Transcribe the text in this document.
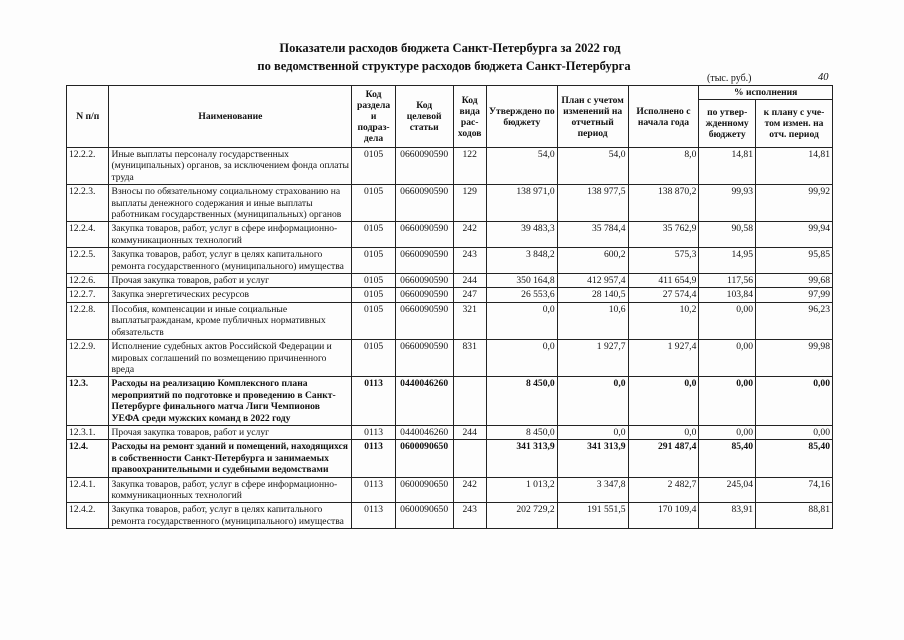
Показатели расходов бюджета Санкт-Петербурга за 2022 год
по ведомственной структуре расходов бюджета Санкт-Петербурга
(тыс. руб.)	40
N п/п	Наименование	Код раздела и подраз-дела	Код целевой статьи	Код вида рас-ходов	Утверждено по бюджету	План с учетом изменений на отчетный период	Исполнено с начала года	% исполнения	
								по утвер-жденному бюджету	к плану с уче-том измен. на отч. период
12.2.2.	Иные выплаты персоналу государственных (муниципальных) органов, за исключением фонда оплаты труда	0105	0660090590	122	54,0	54,0	8,0	14,81	14,81
12.2.3.	Взносы по обязательному социальному страхованию на выплаты денежного содержания и иные выплаты работникам государственных (муниципальных) органов	0105	0660090590	129	138 971,0	138 977,5	138 870,2	99,93	99,92
12.2.4.	Закупка товаров, работ, услуг в сфере информационно-коммуникационных технологий	0105	0660090590	242	39 483,3	35 784,4	35 762,9	90,58	99,94
12.2.5.	Закупка товаров, работ, услуг в целях капитального ремонта государственного (муниципального) имущества	0105	0660090590	243	3 848,2	600,2	575,3	14,95	95,85
12.2.6.	Прочая закупка товаров, работ и услуг	0105	0660090590	244	350 164,8	412 957,4	411 654,9	117,56	99,68
12.2.7.	Закупка энергетических ресурсов	0105	0660090590	247	26 553,6	28 140,5	27 574,4	103,84	97,99
12.2.8.	Пособия, компенсации и иные социальные выплатыгражданам, кроме публичных нормативных обязательств	0105	0660090590	321	0,0	10,6	10,2	0,00	96,23
12.2.9.	Исполнение судебных актов Российской Федерации и мировых соглашений по возмещению причиненного вреда	0105	0660090590	831	0,0	1 927,7	1 927,4	0,00	99,98
12.3.	Расходы на реализацию Комплексного плана мероприятий по подготовке и проведению в Санкт-Петербурге финального матча Лиги Чемпионов УЕФА среди мужских команд в 2022 году	0113	0440046260		8 450,0	0,0	0,0	0,00	0,00
12.3.1.	Прочая закупка товаров, работ и услуг	0113	0440046260	244	8 450,0	0,0	0,0	0,00	0,00
12.4.	Расходы на ремонт зданий и помещений, находящихся в собственности Санкт-Петербурга и занимаемых правоохранительными и судебными ведомствами	0113	0600090650		341 313,9	341 313,9	291 487,4	85,40	85,40
12.4.1.	Закупка товаров, работ, услуг в сфере информационно-коммуникационных технологий	0113	0600090650	242	1 013,2	3 347,8	2 482,7	245,04	74,16
12.4.2.	Закупка товаров, работ, услуг в целях капитального ремонта государственного (муниципального) имущества	0113	0600090650	243	202 729,2	191 551,5	170 109,4	83,91	88,81
